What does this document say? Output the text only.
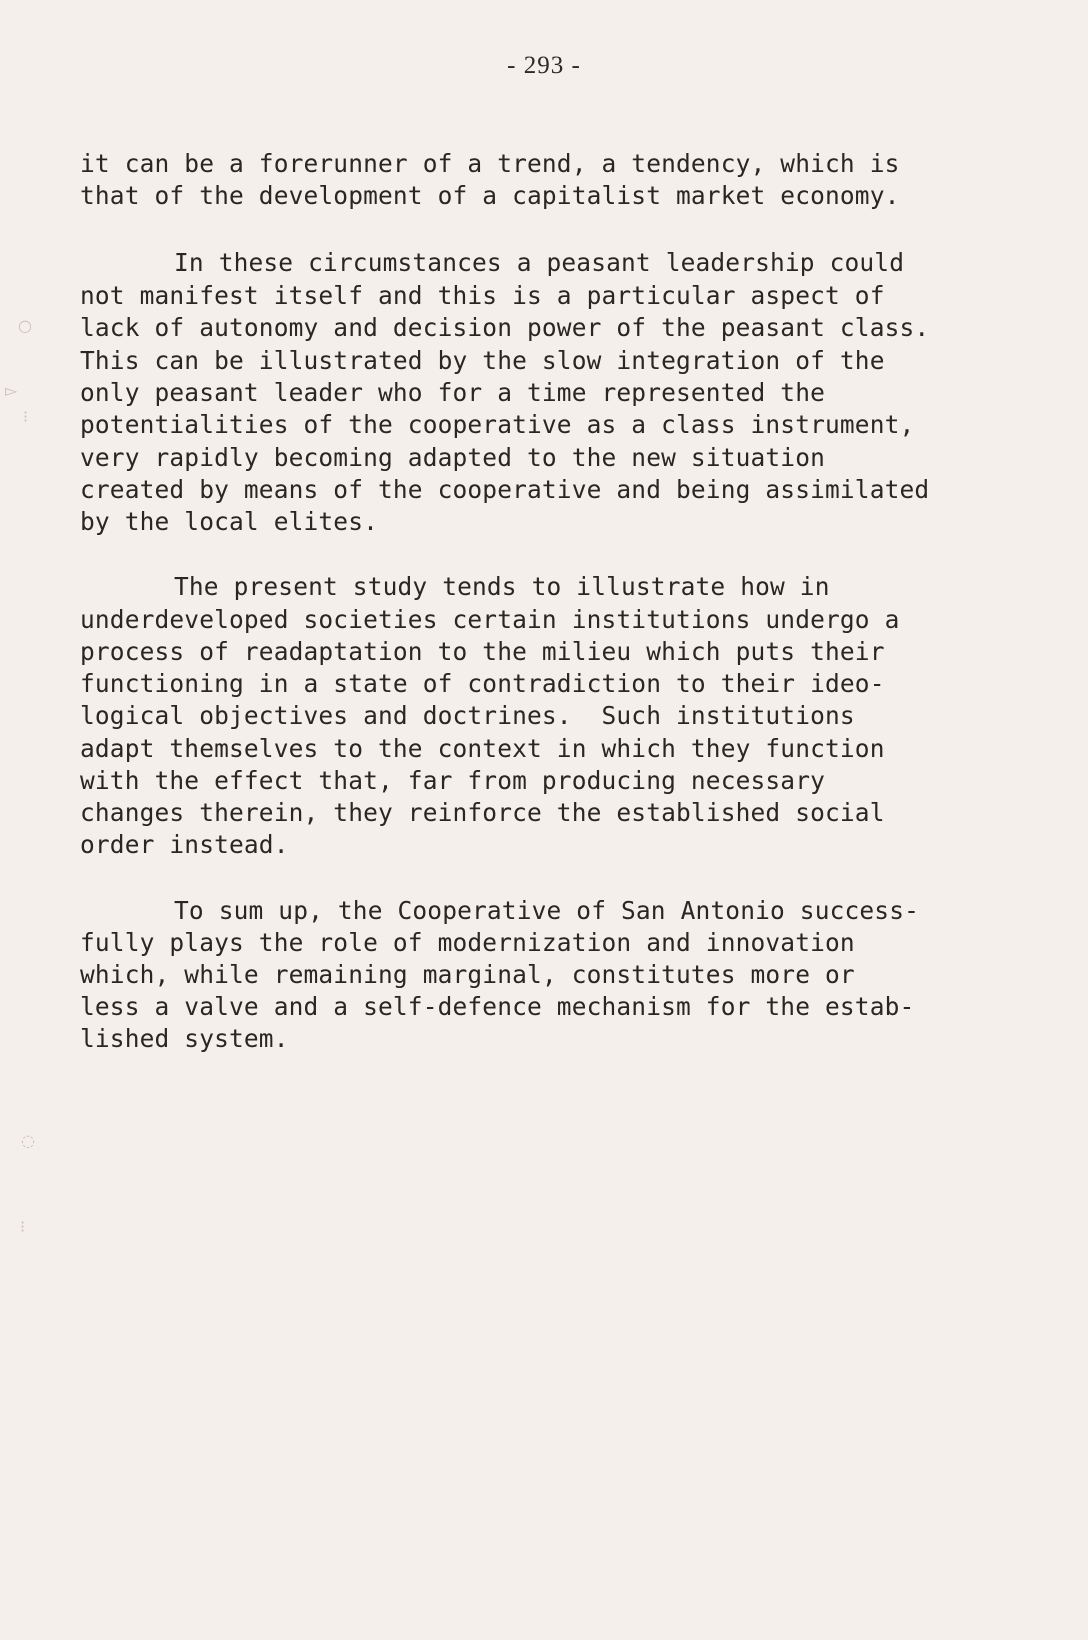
- 293 -
○
▻
⁝
◌
⁝
it can be a forerunner of a trend, a tendency, which is
that of the development of a capitalist market economy.
In these circumstances a peasant leadership could
not manifest itself and this is a particular aspect of
lack of autonomy and decision power of the peasant class.
This can be illustrated by the slow integration of the
only peasant leader who for a time represented the
potentialities of the cooperative as a class instrument,
very rapidly becoming adapted to the new situation
created by means of the cooperative and being assimilated
by the local elites.
The present study tends to illustrate how in
underdeveloped societies certain institutions undergo a
process of readaptation to the milieu which puts their
functioning in a state of contradiction to their ideo-
logical objectives and doctrines.  Such institutions
adapt themselves to the context in which they function
with the effect that, far from producing necessary
changes therein, they reinforce the established social
order instead.
To sum up, the Cooperative of San Antonio success-
fully plays the role of modernization and innovation
which, while remaining marginal, constitutes more or
less a valve and a self-defence mechanism for the estab-
lished system.
